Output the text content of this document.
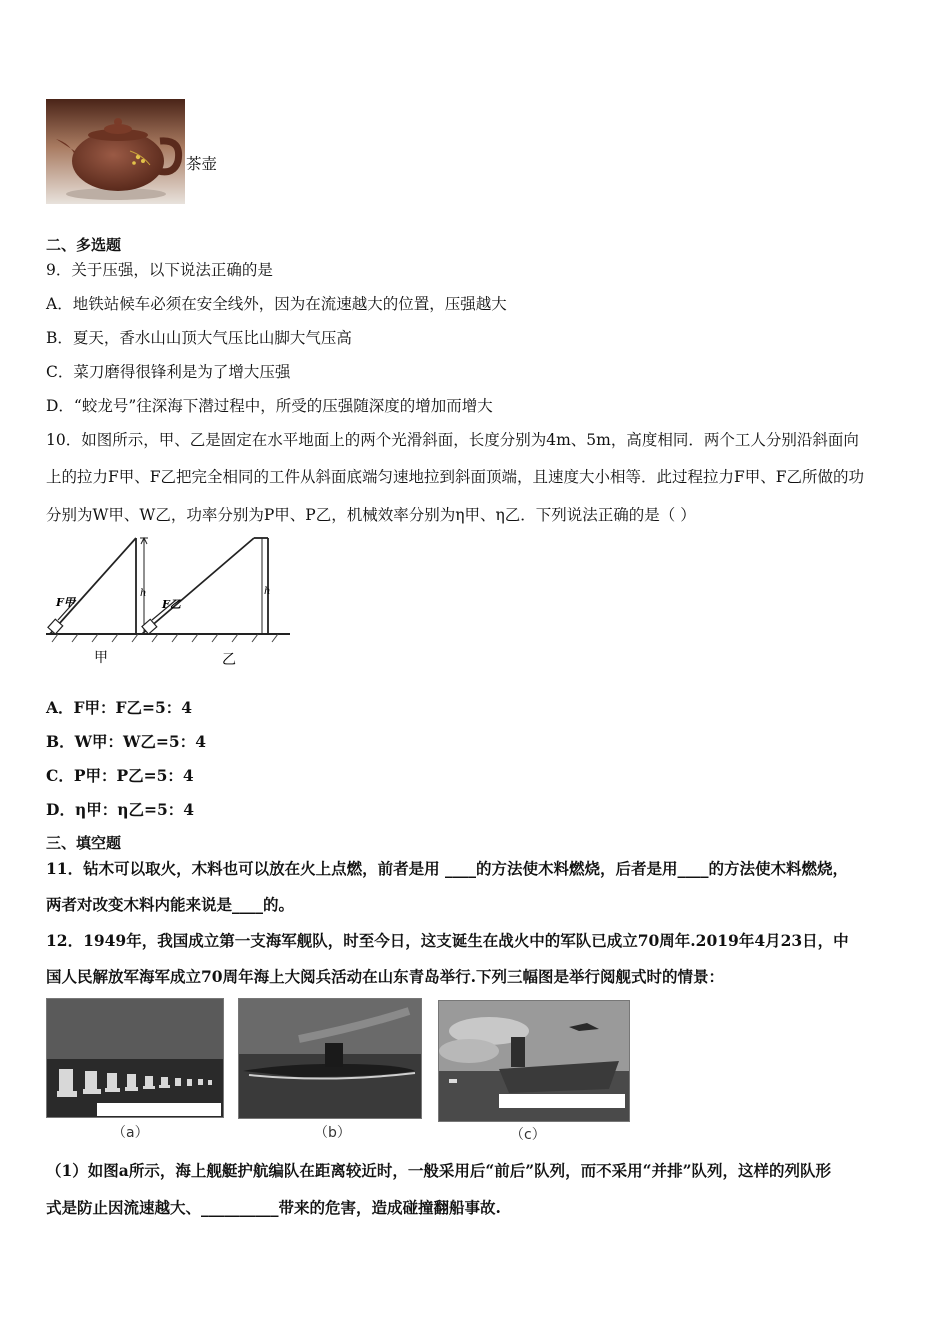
茶壶
二、多选题
9．关于压强，以下说法正确的是
A．地铁站候车必须在安全线外，因为在流速越大的位置，压强越大
B．夏天，香水山山顶大气压比山脚大气压高
C．菜刀磨得很锋利是为了增大压强
D．“蛟龙号”往深海下潜过程中，所受的压强随深度的增加而增大
10．如图所示，甲、乙是固定在水平地面上的两个光滑斜面，长度分别为4m、5m，高度相同．两个工人分别沿斜面向
上的拉力F甲、F乙把完全相同的工件从斜面底端匀速地拉到斜面顶端，且速度大小相等．此过程拉力F甲、F乙所做的功
分别为W甲、W乙，功率分别为P甲、P乙，机械效率分别为η甲、η乙．下列说法正确的是（ ）
h
F甲
h
F乙
甲	乙
A．F甲：F乙=5：4
B．W甲：W乙=5：4
C．P甲：P乙=5：4
D．η甲：η乙=5：4
三、填空题
11．钻木可以取火，木料也可以放在火上点燃，前者是用 ____的方法使木料燃烧，后者是用____的方法使木料燃烧，
两者对改变木料内能来说是____的。
12．1949年，我国成立第一支海军舰队，时至今日，这支诞生在战火中的军队已成立70周年.2019年4月23日，中
国人民解放军海军成立70周年海上大阅兵活动在山东青岛举行.下列三幅图是举行阅舰式时的情景：
（a）	（b）	（c）
（1）如图a所示，海上舰艇护航编队在距离较近时，一般采用后“前后”队列，而不采用“并排”队列，这样的列队形
式是防止因流速越大、__________带来的危害，造成碰撞翻船事故.
